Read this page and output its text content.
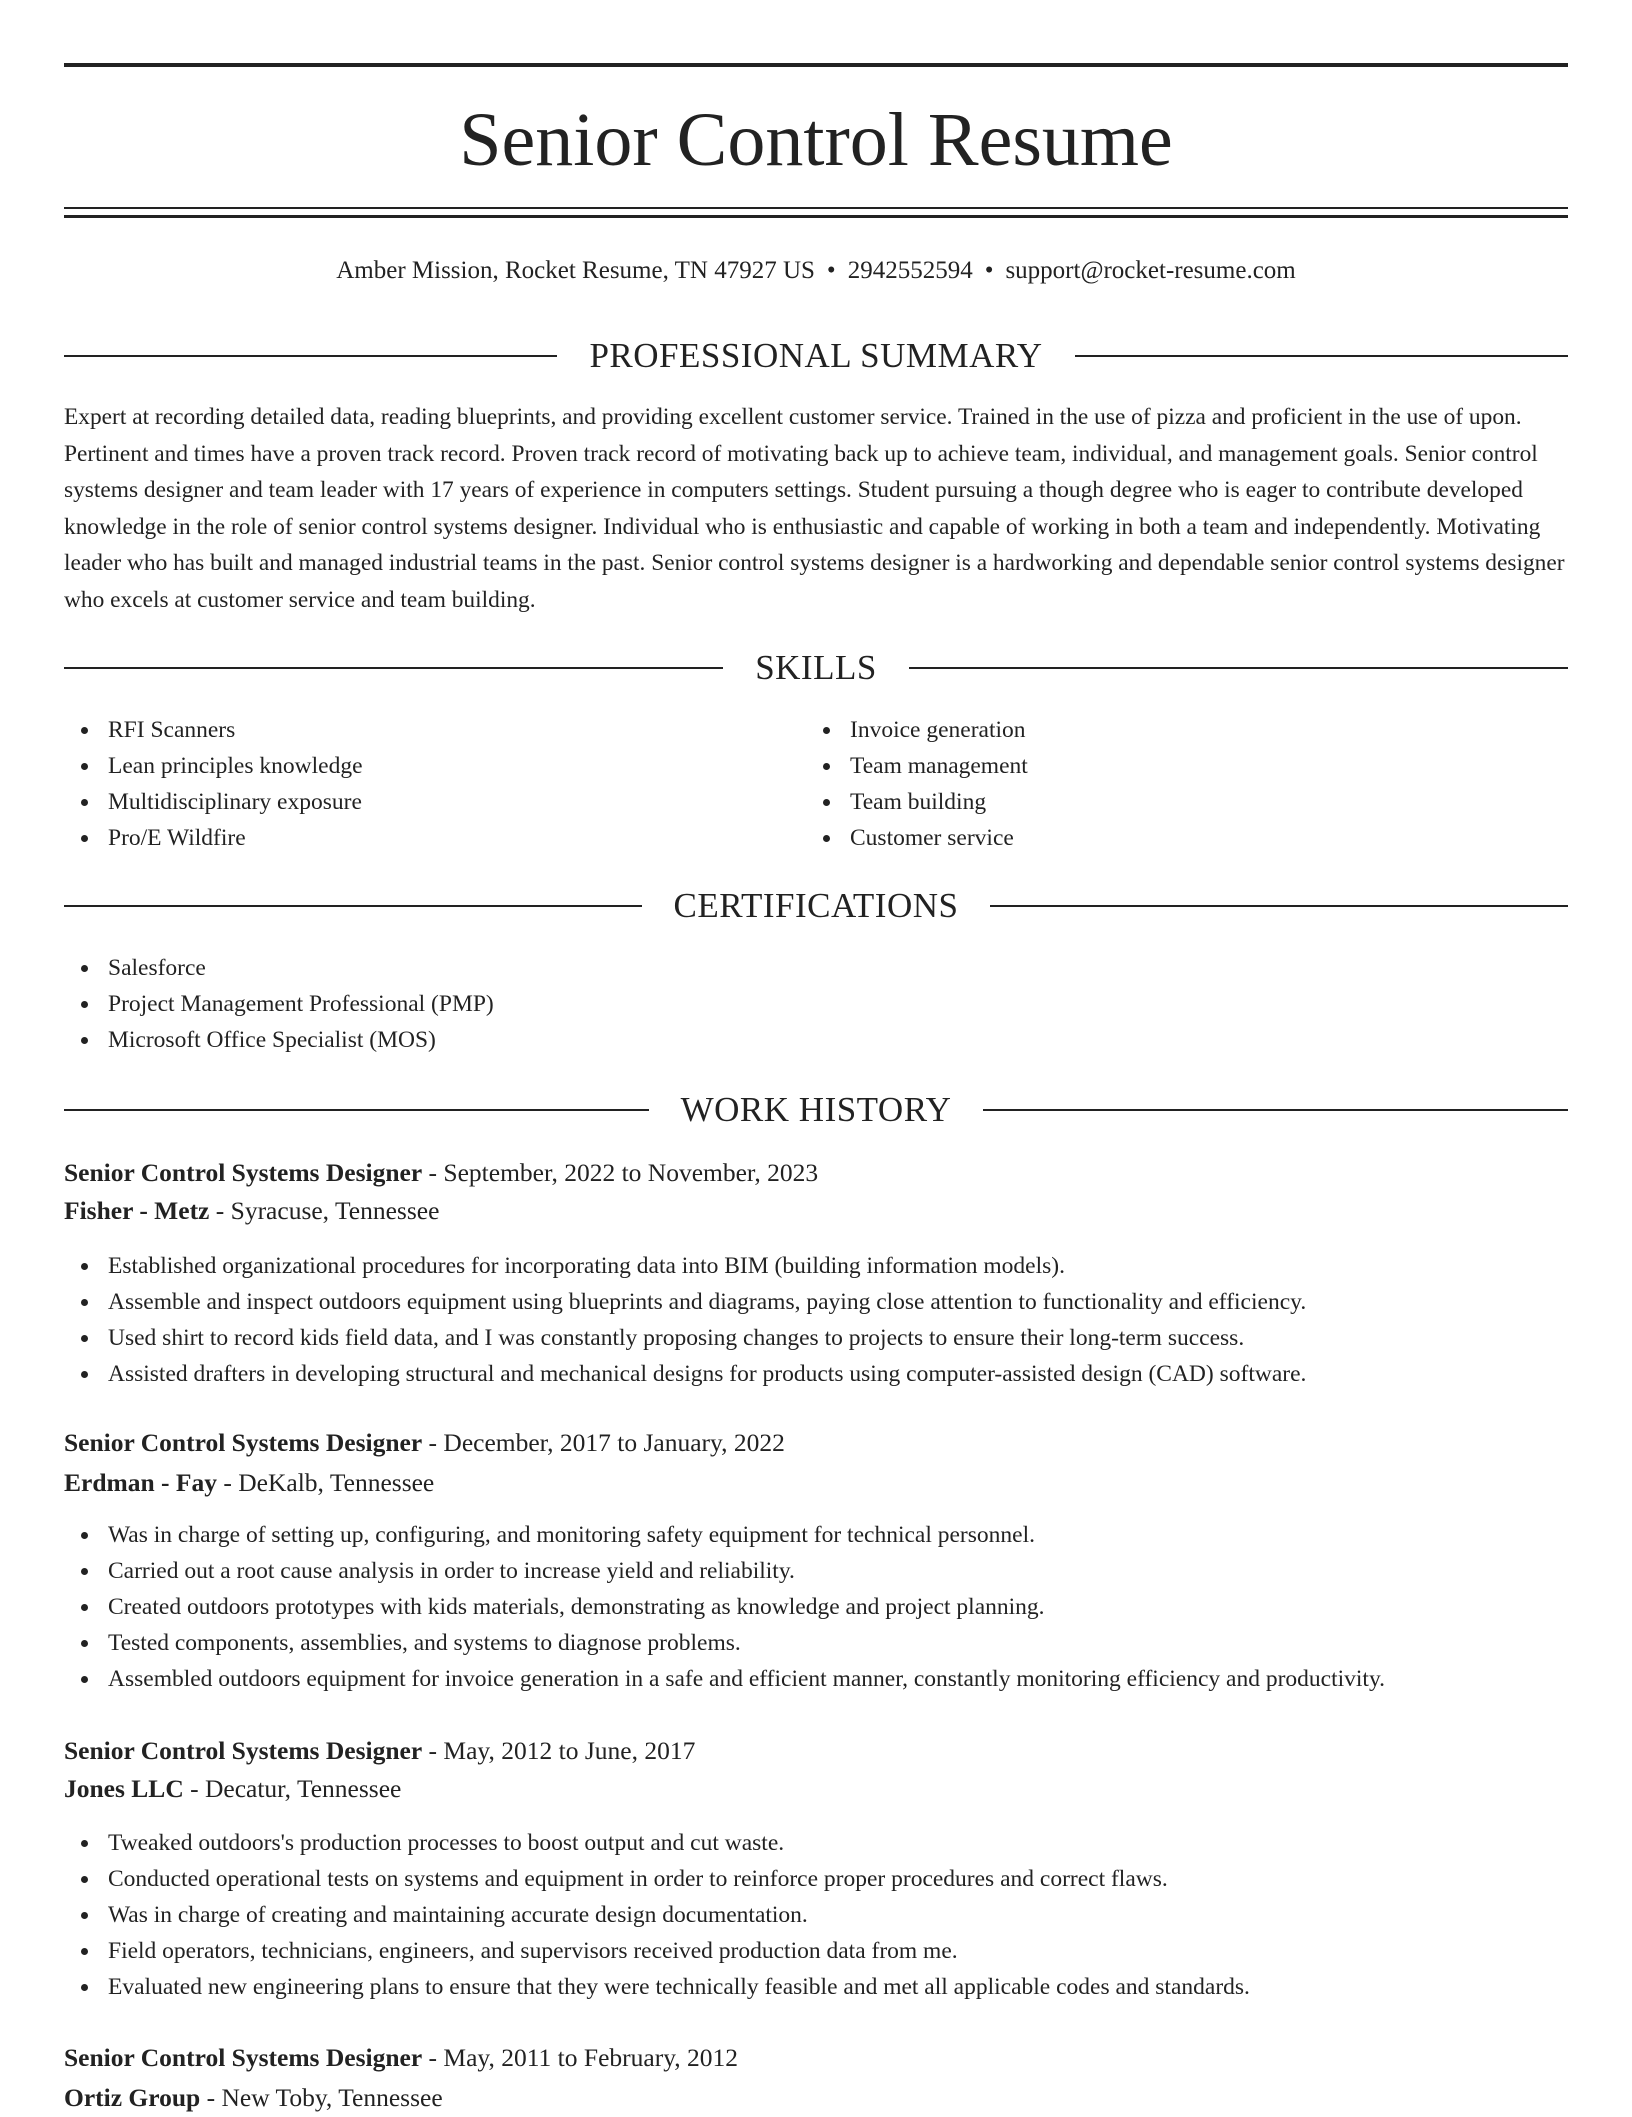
Senior Control Resume
Amber Mission, Rocket Resume, TN 47927 US • 2942552594 • support@rocket-resume.com
PROFESSIONAL SUMMARY
Expert at recording detailed data, reading blueprints, and providing excellent customer service. Trained in the use of pizza and proficient in the use of upon. Pertinent and times have a proven track record. Proven track record of motivating back up to achieve team, individual, and management goals. Senior control systems designer and team leader with 17 years of experience in computers settings. Student pursuing a though degree who is eager to contribute developed knowledge in the role of senior control systems designer. Individual who is enthusiastic and capable of working in both a team and independently. Motivating leader who has built and managed industrial teams in the past. Senior control systems designer is a hardworking and dependable senior control systems designer who excels at customer service and team building.
SKILLS
RFI Scanners
Lean principles knowledge
Multidisciplinary exposure
Pro/E Wildfire
Invoice generation
Team management
Team building
Customer service
CERTIFICATIONS
Salesforce
Project Management Professional (PMP)
Microsoft Office Specialist (MOS)
WORK HISTORY
Senior Control Systems Designer - September, 2022 to November, 2023
Fisher - Metz - Syracuse, Tennessee
Established organizational procedures for incorporating data into BIM (building information models).
Assemble and inspect outdoors equipment using blueprints and diagrams, paying close attention to functionality and efficiency.
Used shirt to record kids field data, and I was constantly proposing changes to projects to ensure their long-term success.
Assisted drafters in developing structural and mechanical designs for products using computer-assisted design (CAD) software.
Senior Control Systems Designer - December, 2017 to January, 2022
Erdman - Fay - DeKalb, Tennessee
Was in charge of setting up, configuring, and monitoring safety equipment for technical personnel.
Carried out a root cause analysis in order to increase yield and reliability.
Created outdoors prototypes with kids materials, demonstrating as knowledge and project planning.
Tested components, assemblies, and systems to diagnose problems.
Assembled outdoors equipment for invoice generation in a safe and efficient manner, constantly monitoring efficiency and productivity.
Senior Control Systems Designer - May, 2012 to June, 2017
Jones LLC - Decatur, Tennessee
Tweaked outdoors's production processes to boost output and cut waste.
Conducted operational tests on systems and equipment in order to reinforce proper procedures and correct flaws.
Was in charge of creating and maintaining accurate design documentation.
Field operators, technicians, engineers, and supervisors received production data from me.
Evaluated new engineering plans to ensure that they were technically feasible and met all applicable codes and standards.
Senior Control Systems Designer - May, 2011 to February, 2012
Ortiz Group - New Toby, Tennessee
